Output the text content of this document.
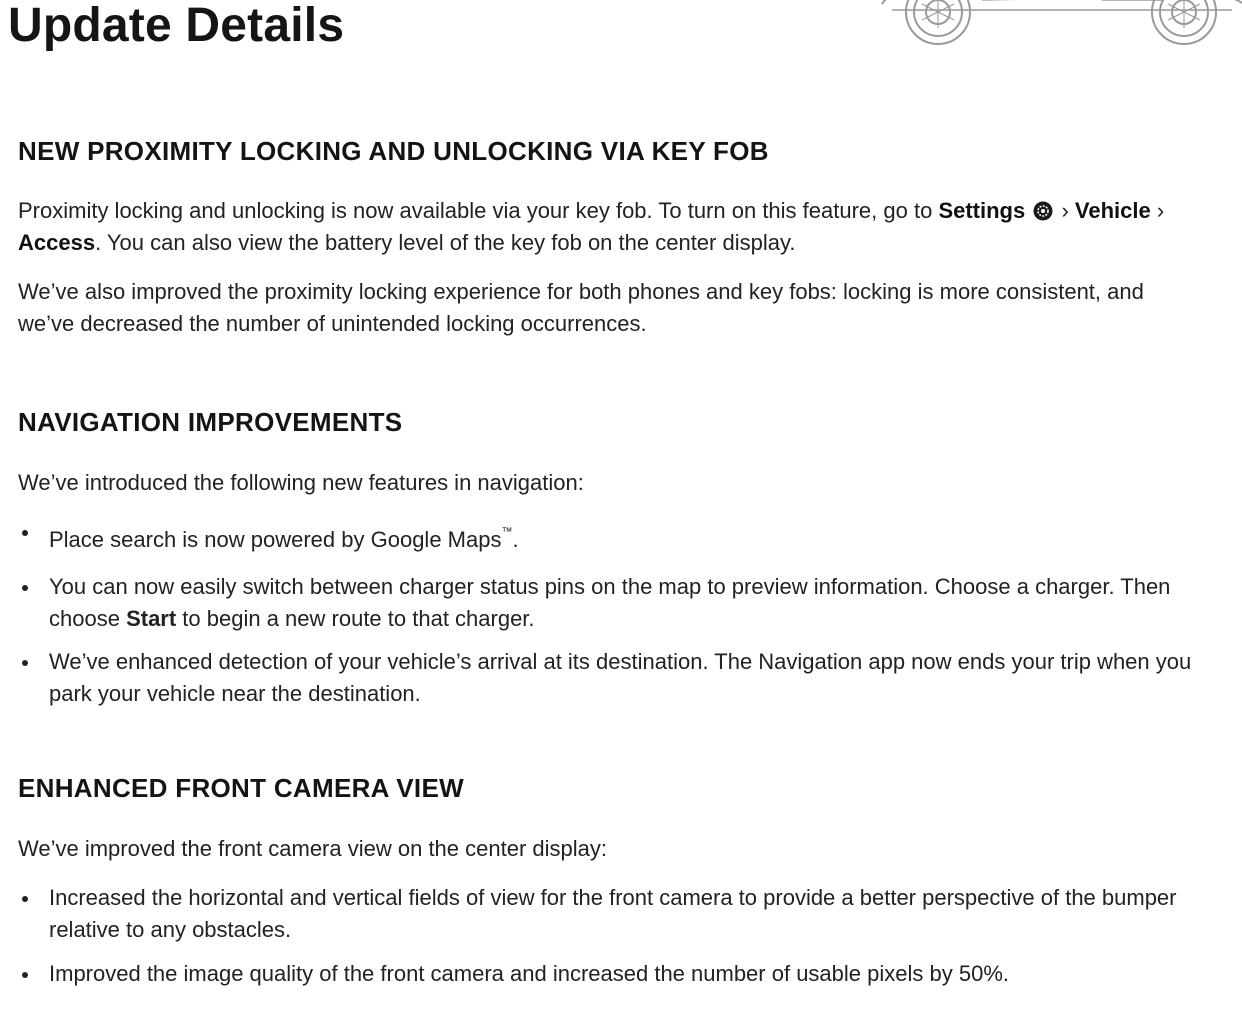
Update Details
NEW PROXIMITY LOCKING AND UNLOCKING VIA KEY FOB

Proximity locking and unlocking is now available via your key fob. To turn on this feature, go to Settings  › Vehicle ›
Access. You can also view the battery level of the key fob on the center display.

We’ve also improved the proximity locking experience for both phones and key fobs: locking is more consistent, and
we’ve decreased the number of unintended locking occurrences.

NAVIGATION IMPROVEMENTS

We’ve introduced the following new features in navigation:

Place search is now powered by Google Maps™.
You can now easily switch between charger status pins on the map to preview information. Choose a charger. Then
choose Start to begin a new route to that charger.
We’ve enhanced detection of your vehicle’s arrival at its destination. The Navigation app now ends your trip when you
park your vehicle near the destination.
ENHANCED FRONT CAMERA VIEW

We’ve improved the front camera view on the center display:

Increased the horizontal and vertical fields of view for the front camera to provide a better perspective of the bumper
relative to any obstacles.
Improved the image quality of the front camera and increased the number of usable pixels by 50%.
